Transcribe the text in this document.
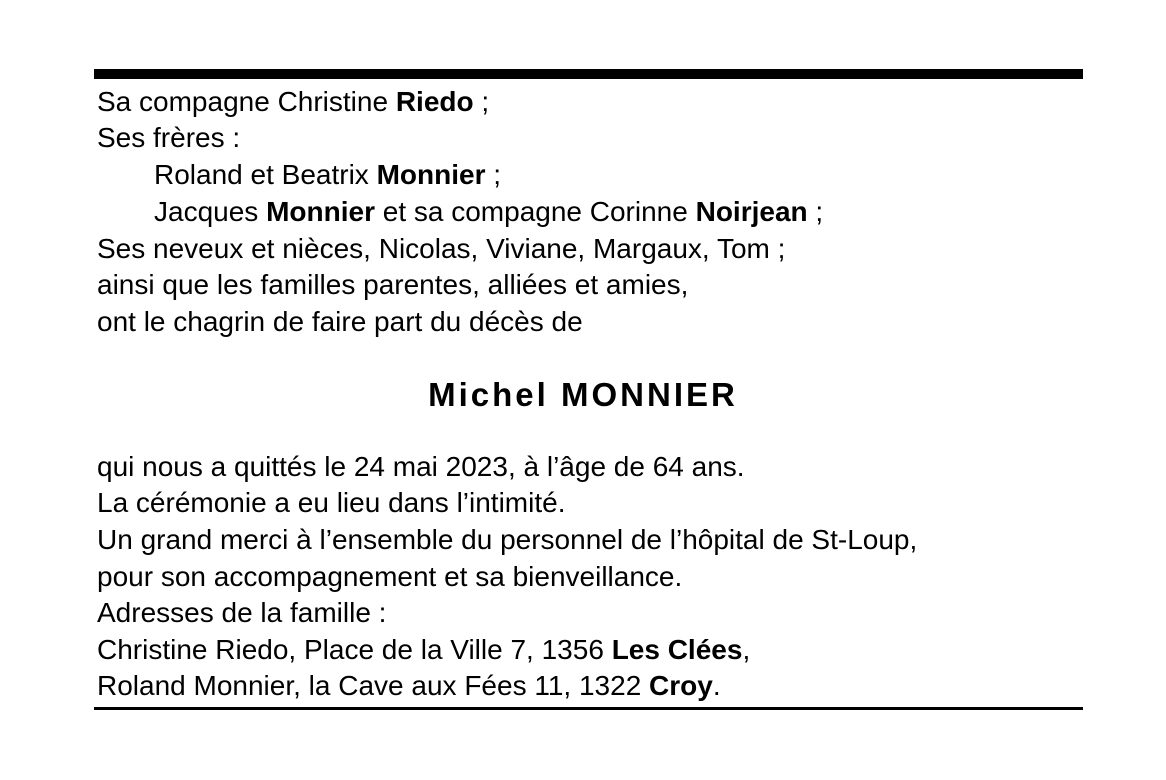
Sa compagne Christine Riedo ;
Ses frères :
Roland et Beatrix Monnier ;
Jacques Monnier et sa compagne Corinne Noirjean ;
Ses neveux et nièces, Nicolas, Viviane, Margaux, Tom ;
ainsi que les familles parentes, alliées et amies,
ont le chagrin de faire part du décès de
Michel MONNIER
qui nous a quittés le 24 mai 2023, à l’âge de 64 ans.
La cérémonie a eu lieu dans l’intimité.
Un grand merci à l’ensemble du personnel de l’hôpital de St-Loup,
pour son accompagnement et sa bienveillance.
Adresses de la famille :
Christine Riedo, Place de la Ville 7, 1356 Les Clées,
Roland Monnier, la Cave aux Fées 11, 1322 Croy.
